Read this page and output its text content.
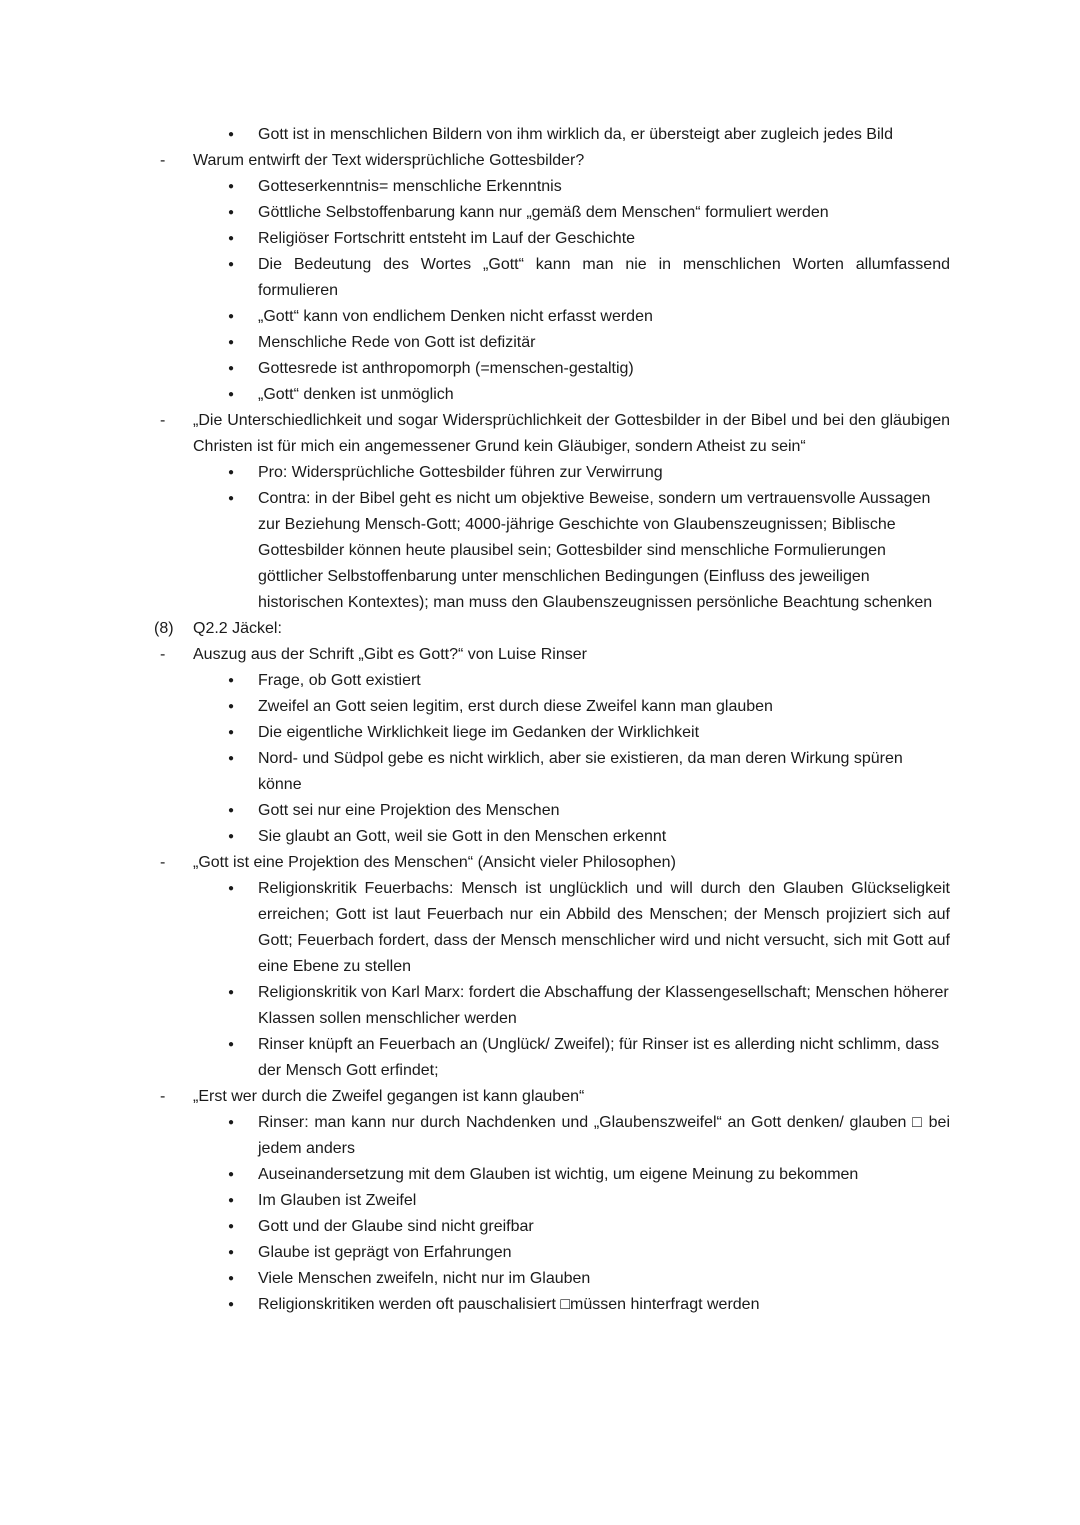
●	Gott ist in menschlichen Bildern von ihm wirklich da, er übersteigt aber zugleich jedes Bild
-	Warum entwirft der Text widersprüchliche Gottesbilder?
●	Gotteserkenntnis= menschliche Erkenntnis
●	Göttliche Selbstoffenbarung kann nur „gemäß dem Menschen“ formuliert werden
●	Religiöser Fortschritt entsteht im Lauf der Geschichte
●	Die Bedeutung des Wortes „Gott“ kann man nie in menschlichen Worten allumfassend formulieren
●	„Gott“ kann von endlichem Denken nicht erfasst werden
●	Menschliche Rede von Gott ist defizitär
●	Gottesrede ist anthropomorph (=menschen-gestaltig)
●	„Gott“ denken ist unmöglich
-	„Die Unterschiedlichkeit und sogar Widersprüchlichkeit der Gottesbilder in der Bibel und bei den gläubigen Christen ist für mich ein angemessener Grund kein Gläubiger, sondern Atheist zu sein“
●	Pro: Widersprüchliche Gottesbilder führen zur Verwirrung
●	Contra: in der Bibel geht es nicht um objektive Beweise, sondern um vertrauensvolle Aussagen zur Beziehung Mensch-Gott; 4000-jährige Geschichte von Glaubenszeugnissen; Biblische Gottesbilder können heute plausibel sein; Gottesbilder sind menschliche Formulierungen göttlicher Selbstoffenbarung unter menschlichen Bedingungen (Einfluss des jeweiligen historischen Kontextes); man muss den Glaubenszeugnissen persönliche Beachtung schenken
(8)	Q2.2 Jäckel:
-	Auszug aus der Schrift „Gibt es Gott?“ von Luise Rinser
●	Frage, ob Gott existiert
●	Zweifel an Gott seien legitim, erst durch diese Zweifel kann man glauben
●	Die eigentliche Wirklichkeit liege im Gedanken der Wirklichkeit
●	Nord- und Südpol gebe es nicht wirklich, aber sie existieren, da man deren Wirkung spüren könne
●	Gott sei nur eine Projektion des Menschen
●	Sie glaubt an Gott, weil sie Gott in den Menschen erkennt
-	„Gott ist eine Projektion des Menschen“ (Ansicht vieler Philosophen)
●	Religionskritik Feuerbachs: Mensch ist unglücklich und will durch den Glauben Glückseligkeit erreichen; Gott ist laut Feuerbach nur ein Abbild des Menschen; der Mensch projiziert sich auf Gott; Feuerbach fordert, dass der Mensch menschlicher wird und nicht versucht, sich mit Gott auf eine Ebene zu stellen
●	Religionskritik von Karl Marx: fordert die Abschaffung der Klassengesellschaft; Menschen höherer Klassen sollen menschlicher werden
●	Rinser knüpft an Feuerbach an (Unglück/ Zweifel); für Rinser ist es allerding nicht schlimm, dass der Mensch Gott erfindet;
-	„Erst wer durch die Zweifel gegangen ist kann glauben“
●	Rinser: man kann nur durch Nachdenken und „Glaubenszweifel“ an Gott denken/ glauben □ bei jedem anders
●	Auseinandersetzung mit dem Glauben ist wichtig, um eigene Meinung zu bekommen
●	Im Glauben ist Zweifel
●	Gott und der Glaube sind nicht greifbar
●	Glaube ist geprägt von Erfahrungen
●	Viele Menschen zweifeln, nicht nur im Glauben
●	Religionskritiken werden oft pauschalisiert □müssen hinterfragt werden
